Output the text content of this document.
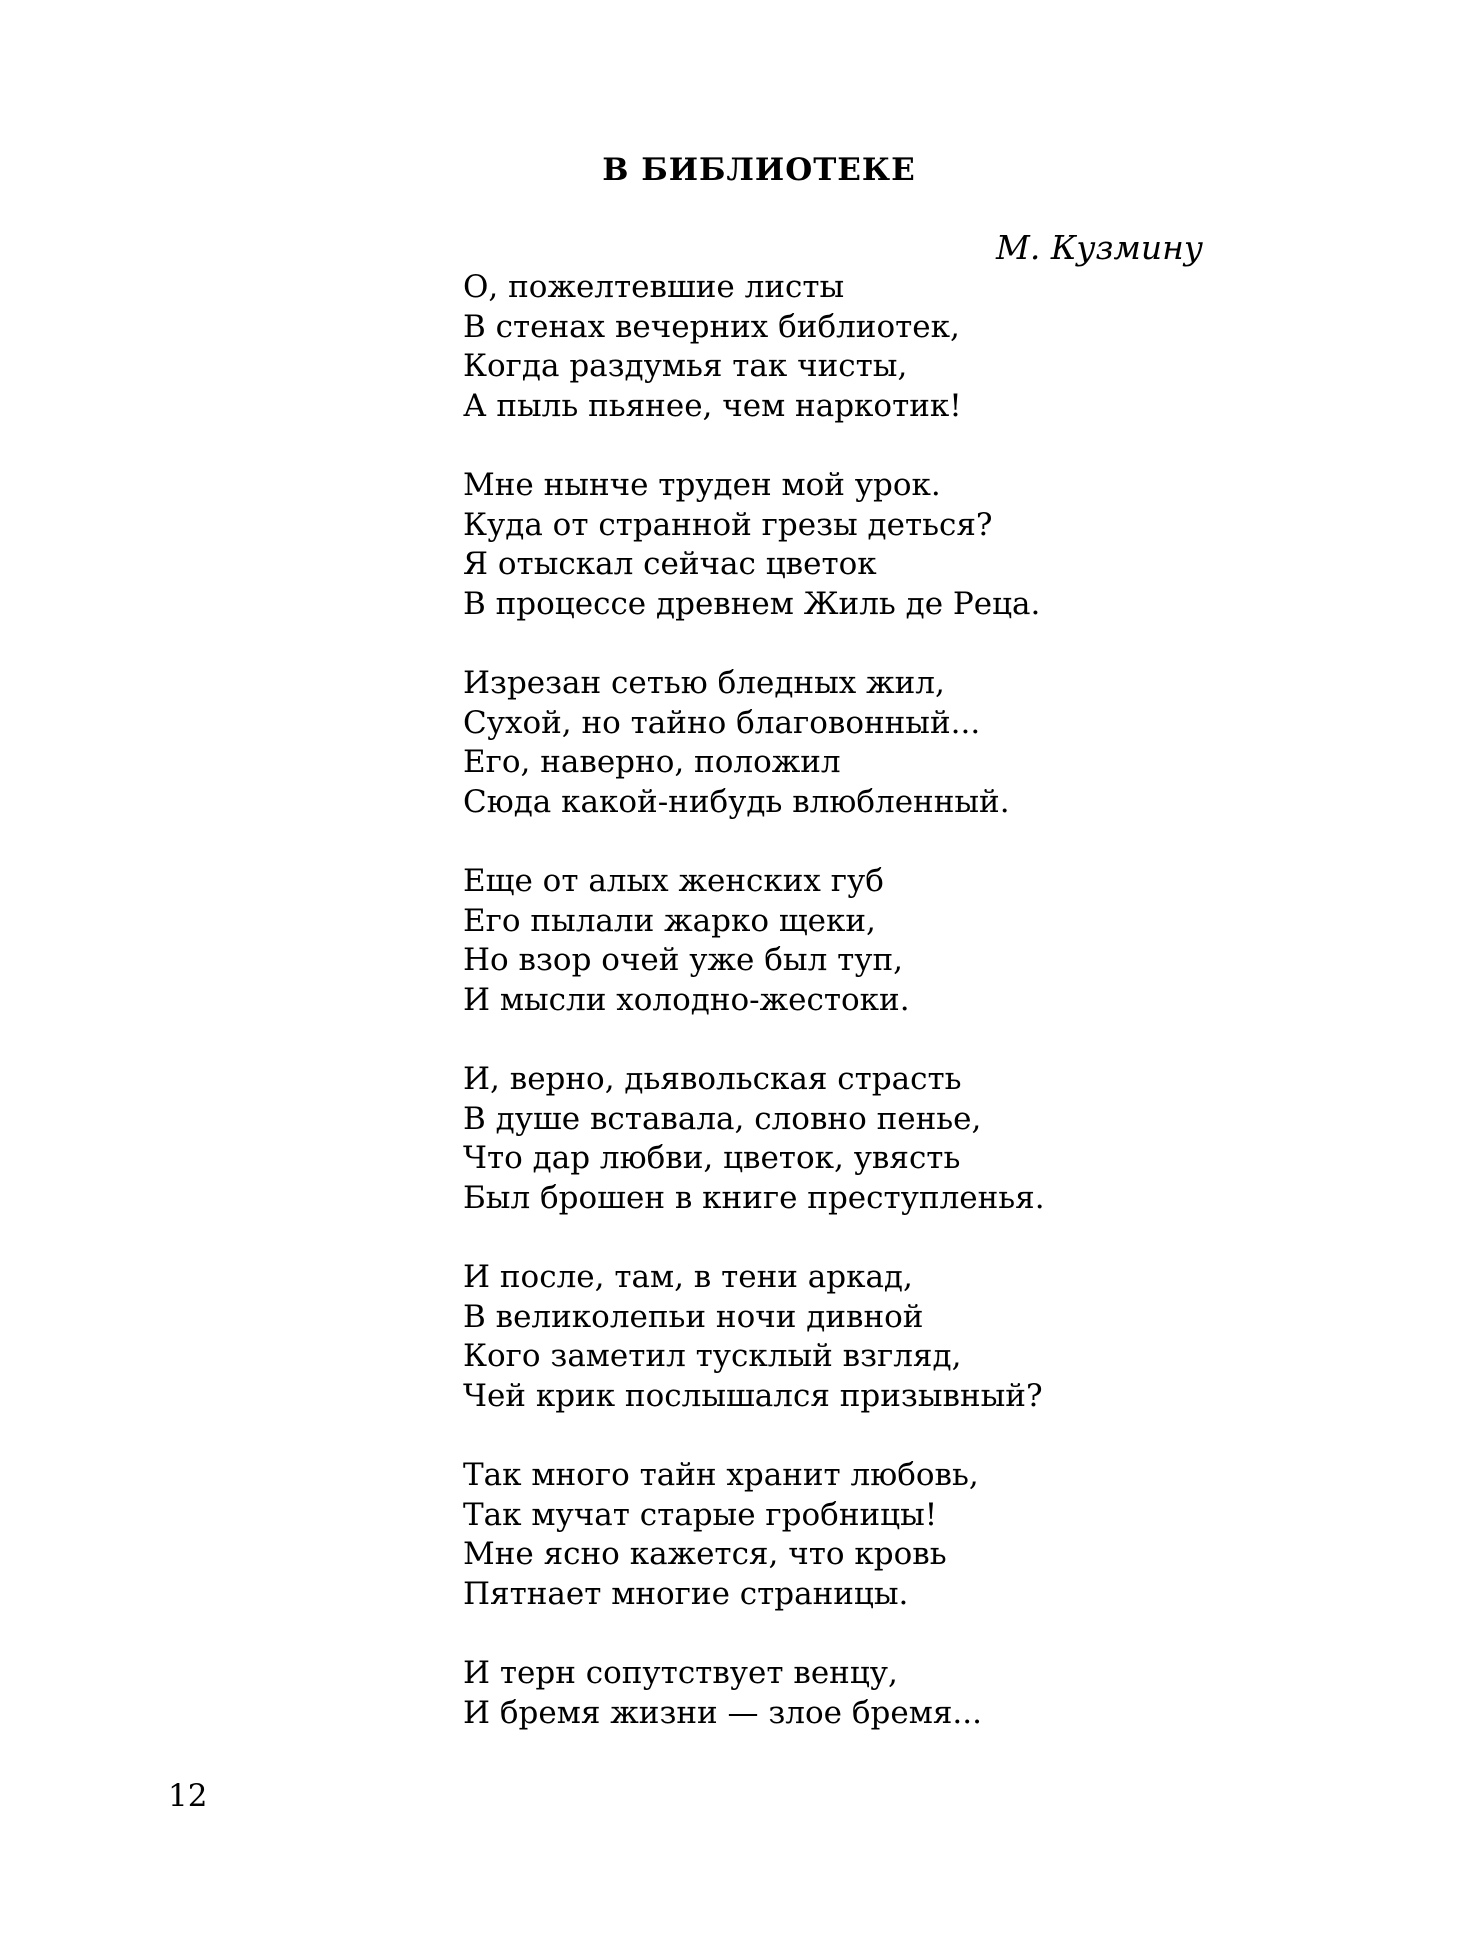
В БИБЛИОТЕКЕ
М. Кузмину
О, пожелтевшие листы
В стенах вечерних библиотек,
Когда раздумья так чисты,
А пыль пьянее, чем наркотик!
Мне нынче труден мой урок.
Куда от странной грезы деться?
Я отыскал сейчас цветок
В процессе древнем Жиль де Реца.
Изрезан сетью бледных жил,
Сухой, но тайно благовонный...
Его, наверно, положил
Сюда какой-нибудь влюбленный.
Еще от алых женских губ
Его пылали жарко щеки,
Но взор очей уже был туп,
И мысли холодно-жестоки.
И, верно, дьявольская страсть
В душе вставала, словно пенье,
Что дар любви, цветок, увясть
Был брошен в книге преступленья.
И после, там, в тени аркад,
В великолепьи ночи дивной
Кого заметил тусклый взгляд,
Чей крик послышался призывный?
Так много тайн хранит любовь,
Так мучат старые гробницы!
Мне ясно кажется, что кровь
Пятнает многие страницы.
И терн сопутствует венцу,
И бремя жизни — злое бремя...
12
